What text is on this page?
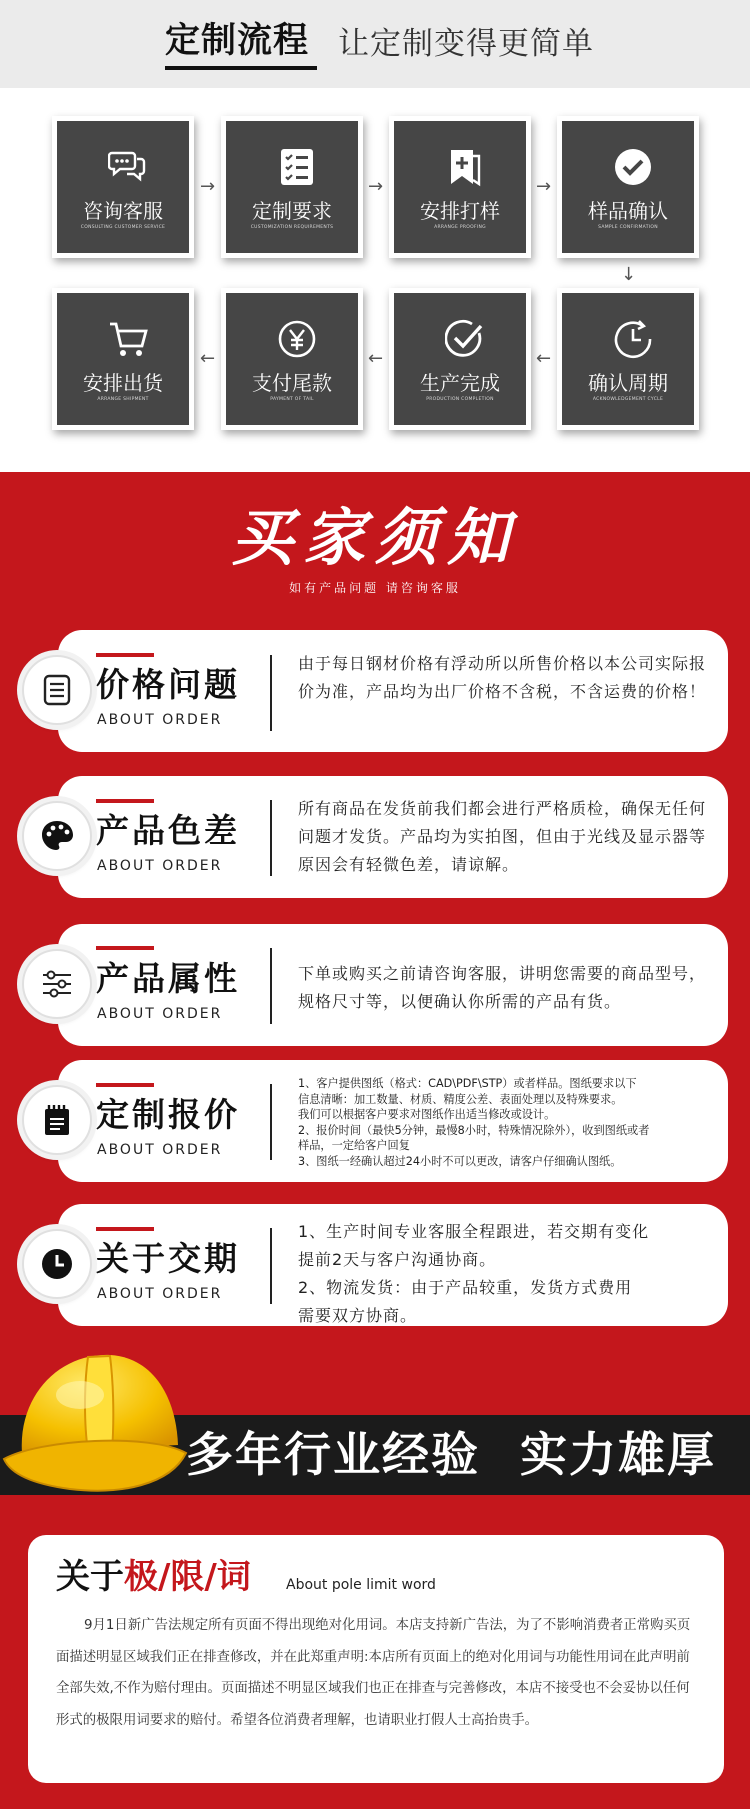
定制流程 让定制变得更简单
咨询客服
CONSULTING CUSTOMER SERVICE
→
定制要求
CUSTOMIZATION REQUIREMENTS
→
安排打样
ARRANGE PROOFING
→
样品确认
SAMPLE CONFIRMATION
↓
确认周期
ACKNOWLEDGEMENT CYCLE
←
生产完成
PRODUCTION COMPLETION
←
支付尾款
PAYMENT OF TAIL
←
安排出货
ARRANGE SHIPMENT
买家须知
如有产品问题 请咨询客服
价格问题
ABOUT ORDER
由于每日钢材价格有浮动所以所售价格以本公司实际报价为准，产品均为出厂价格不含税，不含运费的价格！
产品色差
ABOUT ORDER
所有商品在发货前我们都会进行严格质检，确保无任何问题才发货。产品均为实拍图，但由于光线及显示器等原因会有轻微色差，请谅解。
产品属性
ABOUT ORDER
下单或购买之前请咨询客服，讲明您需要的商品型号，规格尺寸等，以便确认你所需的产品有货。
定制报价
ABOUT ORDER
1、客户提供图纸（格式：CAD\PDF\STP）或者样品。图纸要求以下
信息清晰：加工数量、材质、精度公差、表面处理以及特殊要求。
我们可以根据客户要求对图纸作出适当修改或设计。
2、报价时间（最快5分钟，最慢8小时，特殊情况除外），收到图纸或者
样品，一定给客户回复
3、图纸一经确认超过24小时不可以更改，请客户仔细确认图纸。
关于交期
ABOUT ORDER
1、生产时间专业客服全程跟进，若交期有变化
提前2天与客户沟通协商。
2、物流发货：由于产品较重，发货方式费用
需要双方协商。
多年行业经验 实力雄厚
关于极/限/词	About pole limit word
9月1日新广告法规定所有页面不得出现绝对化用词。本店支持新广告法，为了不影响消费者正常购买页面描述明显区域我们正在排查修改，并在此郑重声明:本店所有页面上的绝对化用词与功能性用词在此声明前全部失效,不作为赔付理由。页面描述不明显区域我们也正在排查与完善修改，本店不接受也不会妥协以任何形式的极限用词要求的赔付。希望各位消费者理解，也请职业打假人士高抬贵手。
